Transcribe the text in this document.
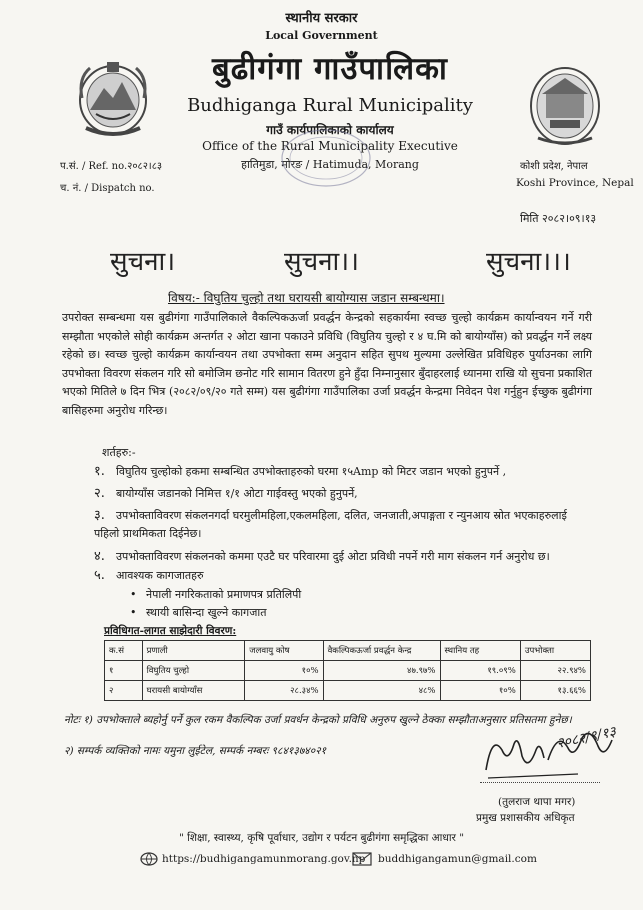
स्थानीय सरकार
Local Government
बुढीगंगा गाउँपालिका
Budhiganga Rural Municipality
गाउँ कार्यपालिकाको कार्यालय
Office of the Rural Municipality Executive
हातिमुडा, मोरङ / Hatimuda, Morang
प.सं. / Ref. no.२०८२।८३
च. नं. / Dispatch no.
कोशी प्रदेश, नेपाल
Koshi Province, Nepal
मिति २०८२।०९।१३
सुचना।	सुचना।।	सुचना।।।
विषय:- विघुतिय चुल्हो तथा घरायसी बायोग्यास जडान सम्बन्धमा।
उपरोक्त सम्बन्धमा यस बुढीगंगा गाउँपालिकाले वैकल्पिकऊर्जा प्रवर्द्धन केन्द्रको सहकार्यमा स्वच्छ चुल्हो कार्यक्रम कार्यान्वयन गर्ने गरी सम्झौता भएकोले सोही कार्यक्रम अन्तर्गत २ ओटा खाना पकाउने प्रविधि (विघुतिय चुल्हो र ४ घ.मि को बायोग्याँस) को प्रवर्द्धन गर्ने लक्ष्य रहेको छ। स्वच्छ चुल्हो कार्यक्रम कार्यान्वयन तथा उपभोक्ता सम्म अनुदान सहित सुपथ मुल्यमा उल्लेखित प्रविधिहरु पुर्याउनका लागि उपभोक्ता विवरण संकलन गरि सो बमोजिम छनोट गरि सामान वितरण हुने हुँदा निम्नानुसार बुँदाहरलाई ध्यानमा राखि यो सुचना प्रकाशित भएको मितिले ७ दिन भित्र (२०८२/०९/२० गते सम्म) यस बुढीगंगा गाउँपालिका उर्जा प्रवर्द्धन केन्द्रमा निवेदन पेश गर्नुहुन ईच्छुक बुढीगंगा बासिहरुमा अनुरोध गरिन्छ।
शर्तहरु:-
१. विघुतिय चुल्होको हकमा सम्बन्धित उपभोक्ताहरुको घरमा १५Amp को मिटर जडान भएको हुनुपर्ने ,
२. बायोग्याँस जडानको निमित्त १/१ ओटा गाईवस्तु भएको हुनुपर्ने,
३. उपभोक्ताविवरण संकलनगर्दा घरमुलीमहिला,एकलमहिला, दलित, जनजाती,अपाङ्गता र न्युनआय स्रोत भएकाहरुलाई पहिलो प्राथमिकता दिईनेछ।
४. उपभोक्ताविवरण संकलनको कममा एउटै घर परिवारमा दुई ओटा प्रविधी नपर्ने गरी माग संकलन गर्न अनुरोध छ।
५. आवश्यक कागजातहरु
• नेपाली नगरिकताको प्रमाणपत्र प्रतिलिपी
• स्थायी बासिन्दा खुल्ने कागजात
प्रविधिगत-लागत साझेदारी विवरण:
क.सं	प्रणाली	जलवायु कोष	वैकल्पिकऊर्जा प्रवर्द्धन केन्द्र	स्थानिय तह	उपभोक्ता
१	विघुतिय चुल्हो	१०%	४७.९७%	१९.०९%	२२.९४%
२	घरायसी बायोग्याँस	२८.३४%	४८%	१०%	१३.६६%
नोटः १) उपभोक्ताले ब्यहोर्नु पर्ने कुल रकम वैकल्पिक उर्जा प्रवर्धन केन्द्रको प्रविधि अनुरुप खुल्ने ठेक्का सम्झौताअनुसार प्रतिसतमा हुनेछ।
२) सम्पर्क व्यक्तिको नामः यमुना लुईटेल, सम्पर्क नम्बरः ९८४१३७४०२१	२०८२/९/१३
(तुलराज थापा मगर)
प्रमुख प्रशासकीय अधिकृत
" शिक्षा, स्वास्थ्य, कृषि पूर्वाधार, उद्योग र पर्यटन बुढीगंगा समृद्धिका आधार "
https://budhigangamunmorang.gov.np buddhigangamun@gmail.com
